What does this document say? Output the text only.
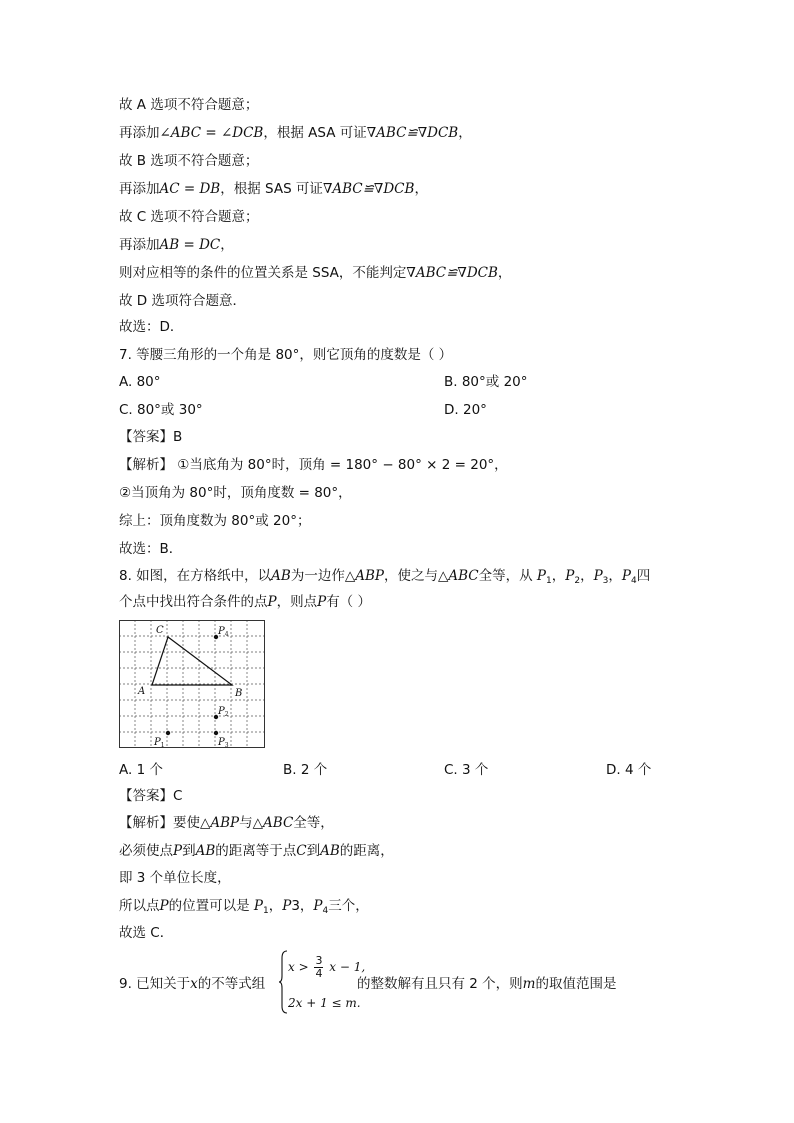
故 A 选项不符合题意；
再添加∠ABC = ∠DCB，根据 ASA 可证∇ABC≌∇DCB，
故 B 选项不符合题意；
再添加AC = DB，根据 SAS 可证∇ABC≌∇DCB，
故 C 选项不符合题意；
再添加AB = DC，
则对应相等的条件的位置关系是 SSA，不能判定∇ABC≌∇DCB，
故 D 选项符合题意．
故选：D．
7. 等腰三角形的一个角是 80°，则它顶角的度数是（ ）
A. 80°	B. 80°或 20°
C. 80°或 30°	D. 20°
【答案】B
【解析】 ①当底角为 80°时，顶角 = 180° − 80° × 2 = 20°，
②当顶角为 80°时，顶角度数 = 80°，
综上：顶角度数为 80°或 20°；
故选：B．
8. 如图，在方格纸中，以AB为一边作△ABP，使之与△ABC全等，从 $P_1$，$P_2$，$P_3$，$P_4$四
个点中找出符合条件的点P，则点P有（ ）
C
A	B
$P_4$
$P_2$
$P_1$	$P_3$
A. 1 个	B. 2 个	C. 3 个	D. 4 个
【答案】C
【解析】要使△ABP与△ABC全等，
必须使点P到AB的距离等于点C到AB的距离，
即 3 个单位长度，
所以点P的位置可以是 $P_1$，P3，$P_4$三个，
故选 C．
9. 已知关于x的不等式组
$x > \frac{3}{4}$ x − 1,
2x + 1 ≤ m.
的整数解有且只有 2 个，则m的取值范围是
